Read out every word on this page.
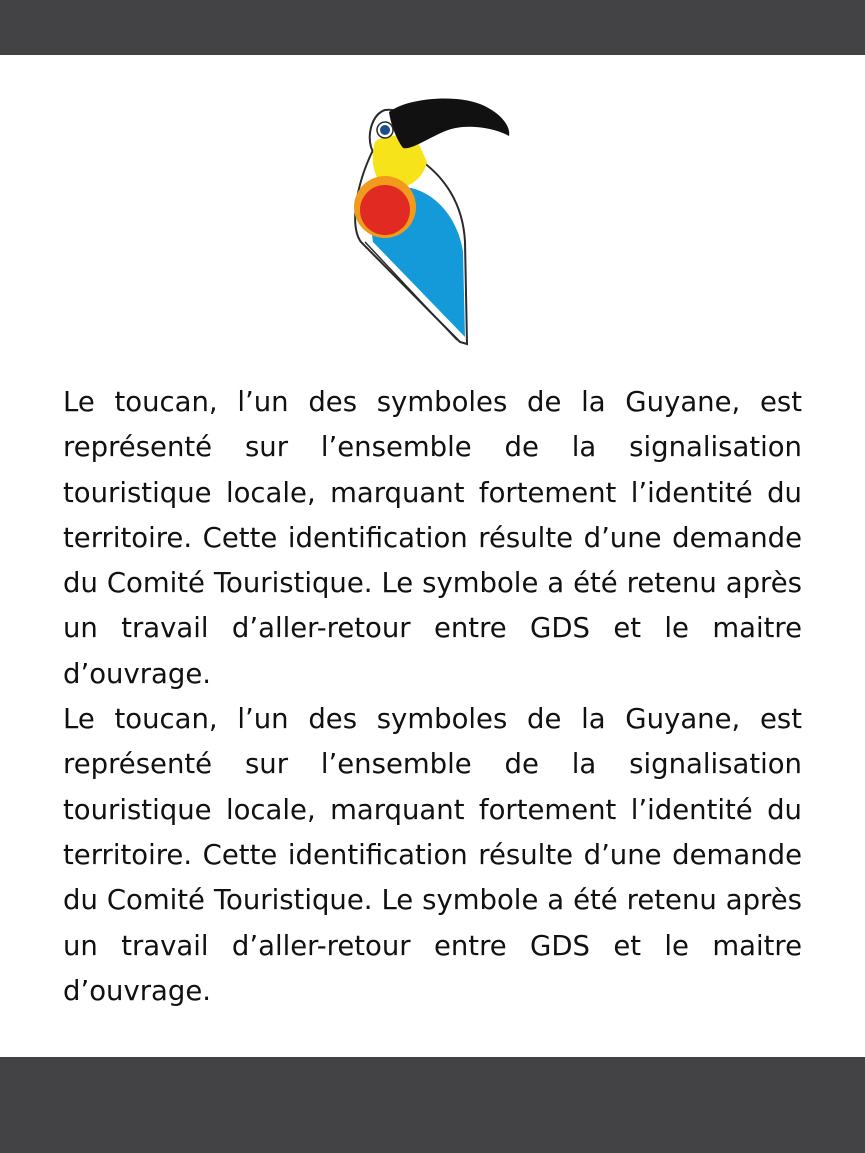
Le toucan, l’un des symboles de la Guyane, est représenté sur l’ensemble de la signalisation touristique locale, marquant fortement l’identité du territoire. Cette identification résulte d’une demande du Comité Touristique. Le symbole a été retenu après un travail d’aller-retour entre GDS et le maitre d’ouvrage.

Le toucan, l’un des symboles de la Guyane, est représenté sur l’ensemble de la signalisation touristique locale, marquant fortement l’identité du territoire. Cette identification résulte d’une demande du Comité Touristique. Le symbole a été retenu après un travail d’aller-retour entre GDS et le maitre d’ouvrage.
